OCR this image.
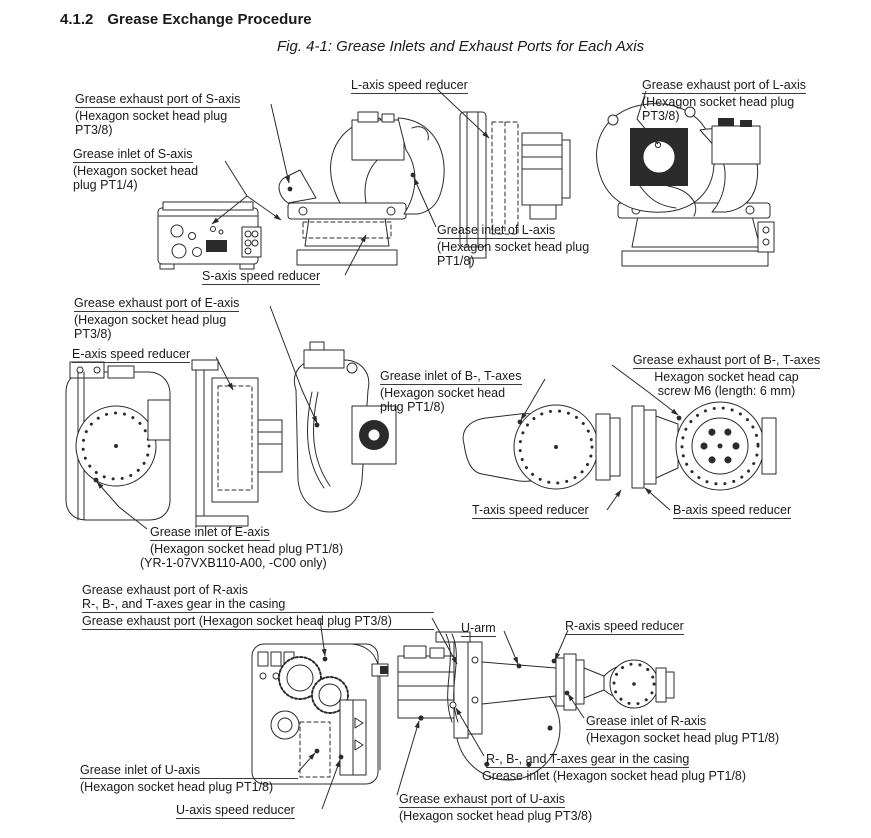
4.1.2 Grease Exchange Procedure
Fig. 4-1: Grease Inlets and Exhaust Ports for Each Axis
L-axis speed reducer
Grease exhaust port of S-axis
(Hexagon socket head plug
PT3/8)
Grease inlet of S-axis
(Hexagon socket head
plug PT1/4)
Grease exhaust port of L-axis
(Hexagon socket head plug
PT3/8)
Grease inlet of L-axis
(Hexagon socket head plug
PT1/8)
S-axis speed reducer
Grease exhaust port of E-axis
(Hexagon socket head plug
PT3/8)
E-axis speed reducer
Grease inlet of B-, T-axes
(Hexagon socket head
plug PT1/8)
Grease exhaust port of B-, T-axes
Hexagon socket head cap
screw M6 (length: 6 mm)
T-axis speed reducer	B-axis speed reducer
Grease inlet of E-axis
(Hexagon socket head plug PT1/8)
(YR-1-07VXB110-A00, -C00 only)
Grease exhaust port of R-axis
R-, B-, and T-axes gear in the casing
Grease exhaust port (Hexagon socket head plug PT3/8)	U-arm	R-axis speed reducer
Grease inlet of R-axis
(Hexagon socket head plug PT1/8)
R-, B-, and T-axes gear in the casing
Grease inlet (Hexagon socket head plug PT1/8)
Grease inlet of U-axis
(Hexagon socket head plug PT1/8)
U-axis speed reducer
Grease exhaust port of U-axis
(Hexagon socket head plug PT3/8)
